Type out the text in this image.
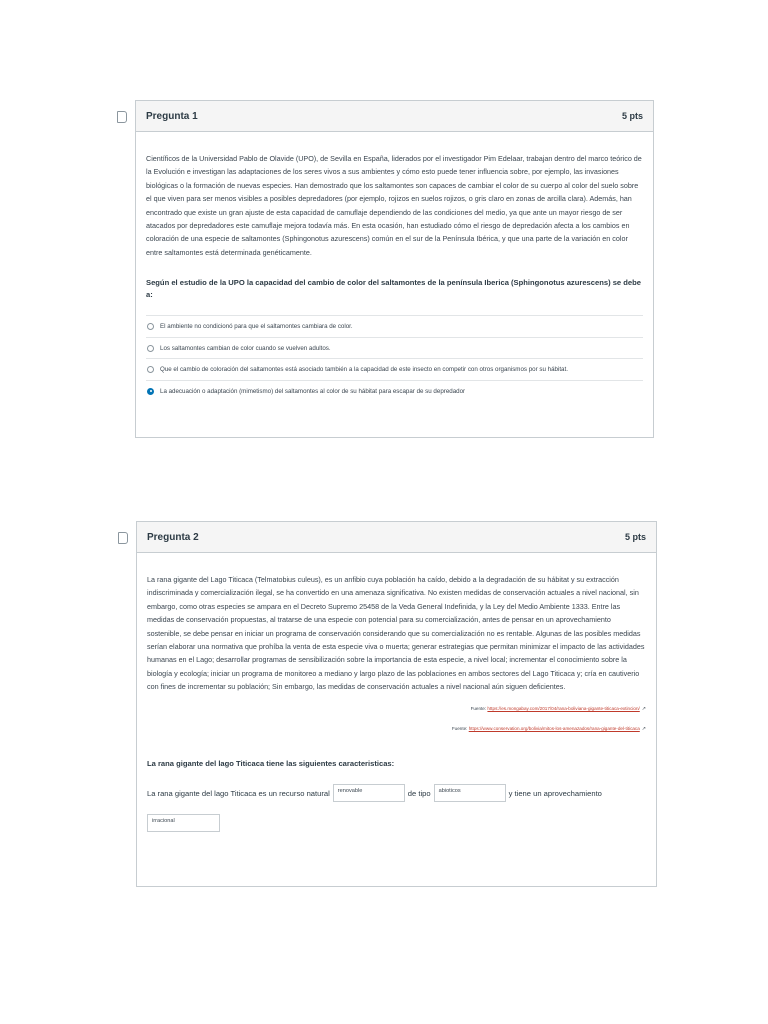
Pregunta 1	5 pts

Científicos de la Universidad Pablo de Olavide (UPO), de Sevilla en España, liderados por el investigador Pim Edelaar, trabajan dentro del marco teórico de la Evolución e investigan las adaptaciones de los seres vivos a sus ambientes y cómo esto puede tener influencia sobre, por ejemplo, las invasiones biológicas o la formación de nuevas especies. Han demostrado que los saltamontes son capaces de cambiar el color de su cuerpo al color del suelo sobre el que viven para ser menos visibles a posibles depredadores (por ejemplo, rojizos en suelos rojizos, o gris claro en zonas de arcilla clara). Además, han encontrado que existe un gran ajuste de esta capacidad de camuflaje dependiendo de las condiciones del medio, ya que ante un mayor riesgo de ser atacados por depredadores este camuflaje mejora todavía más. En esta ocasión, han estudiado cómo el riesgo de depredación afecta a los cambios en coloración de una especie de saltamontes (Sphingonotus azurescens) común en el sur de la Península Ibérica, y que una parte de la variación en color entre saltamontes está determinada genéticamente.

Según el estudio de la UPO la capacidad del cambio de color del saltamontes de la península Iberica (Sphingonotus azurescens) se debe a:

El ambiente no condicionó para que el saltamontes cambiara de color.
Los saltamontes cambian de color cuando se vuelven adultos.
Que el cambio de coloración del saltamontes está asociado también a la capacidad de este insecto en competir con otros organismos por su hábitat.
La adecuación o adaptación (mimetismo) del saltamontes al color de su hábitat para escapar de su depredador
Pregunta 2	5 pts

La rana gigante del Lago Titicaca (Telmatobius culeus), es un anfibio cuya población ha caído, debido a la degradación de su hábitat y su extracción indiscriminada y comercialización ilegal, se ha convertido en una amenaza significativa. No existen medidas de conservación actuales a nivel nacional, sin embargo, como otras especies se ampara en el Decreto Supremo 25458 de la Veda General Indefinida, y la Ley del Medio Ambiente 1333. Entre las medidas de conservación propuestas, al tratarse de una especie con potencial para su comercialización, antes de pensar en un aprovechamiento sostenible, se debe pensar en iniciar un programa de conservación considerando que su comercialización no es rentable. Algunas de las posibles medidas serían elaborar una normativa que prohíba la venta de esta especie viva o muerta; generar estrategias que permitan minimizar el impacto de las actividades humanas en el Lago; desarrollar programas de sensibilización sobre la importancia de esta especie, a nivel local; incrementar el conocimiento sobre la biología y ecología; iniciar un programa de monitoreo a mediano y largo plazo de las poblaciones en ambos sectores del Lago Titicaca y; cría en cautiverio con fines de incrementar su población; Sin embargo, las medidas de conservación actuales a nivel nacional aún siguen deficientes.

Fuente: https://es.mongabay.com/2017/04/rana-boliviana-gigante-titicaca-extincion/ ↗
Fuente: https://www.conservation.org/bolivia/mitos-los-amenazados/rana-gigante-del-titicaca ↗

La rana gigante del lago Titicaca tiene las siguientes caracteristicas:

La rana gigante del lago Titicaca es un recurso natural	renovable	de tipo	abioticos	y tiene un aprovechamiento
irracional
